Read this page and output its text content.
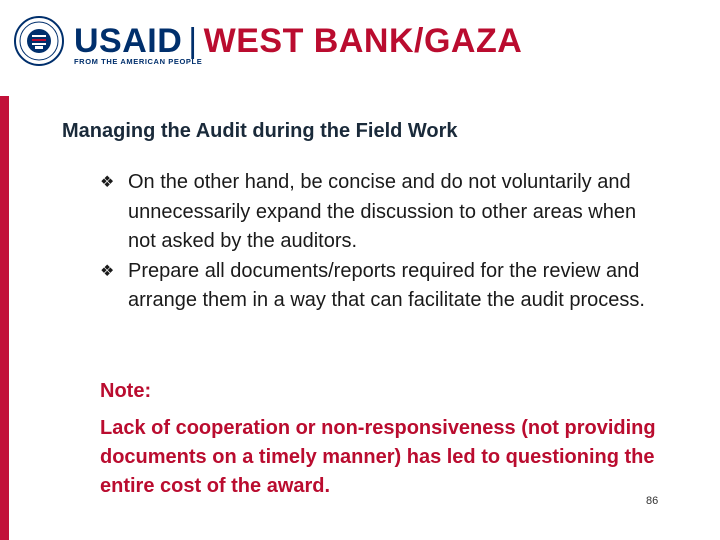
USAID | WEST BANK/GAZA
FROM THE AMERICAN PEOPLE
Managing the Audit during the Field Work
❖ On the other hand, be concise and do not voluntarily and unnecessarily expand the discussion to other areas when not asked by the auditors.
❖ Prepare all documents/reports required for the review and arrange them in a way that can facilitate the audit process.
Note:
Lack of cooperation or non-responsiveness (not providing documents on a timely manner) has led to questioning the entire cost of the award.
86
